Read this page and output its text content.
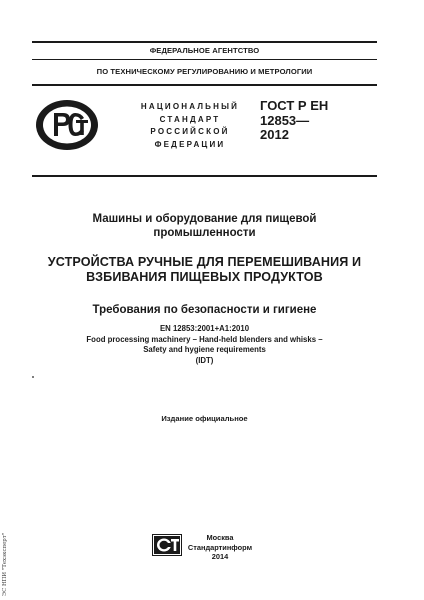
ФЕДЕРАЛЬНОЕ АГЕНТСТВО
ПО ТЕХНИЧЕСКОМУ РЕГУЛИРОВАНИЮ И МЕТРОЛОГИИ
НАЦИОНАЛЬНЫЙ
СТАНДАРТ
РОССИЙСКОЙ
ФЕДЕРАЦИИ
ГОСТ Р ЕН
12853—
2012
Машины и оборудование для пищевой
промышленности
УСТРОЙСТВА РУЧНЫЕ ДЛЯ ПЕРЕМЕШИВАНИЯ И
ВЗБИВАНИЯ ПИЩЕВЫХ ПРОДУКТОВ
Требования по безопасности и гигиене
EN 12853:2001+A1:2010
Food processing machinery – Hand-held blenders and whisks –
Safety and hygiene requirements
(IDT)
Издание официальное
Москва
Стандартинформ
2014
ЭС НПИ "Техэксперт"
